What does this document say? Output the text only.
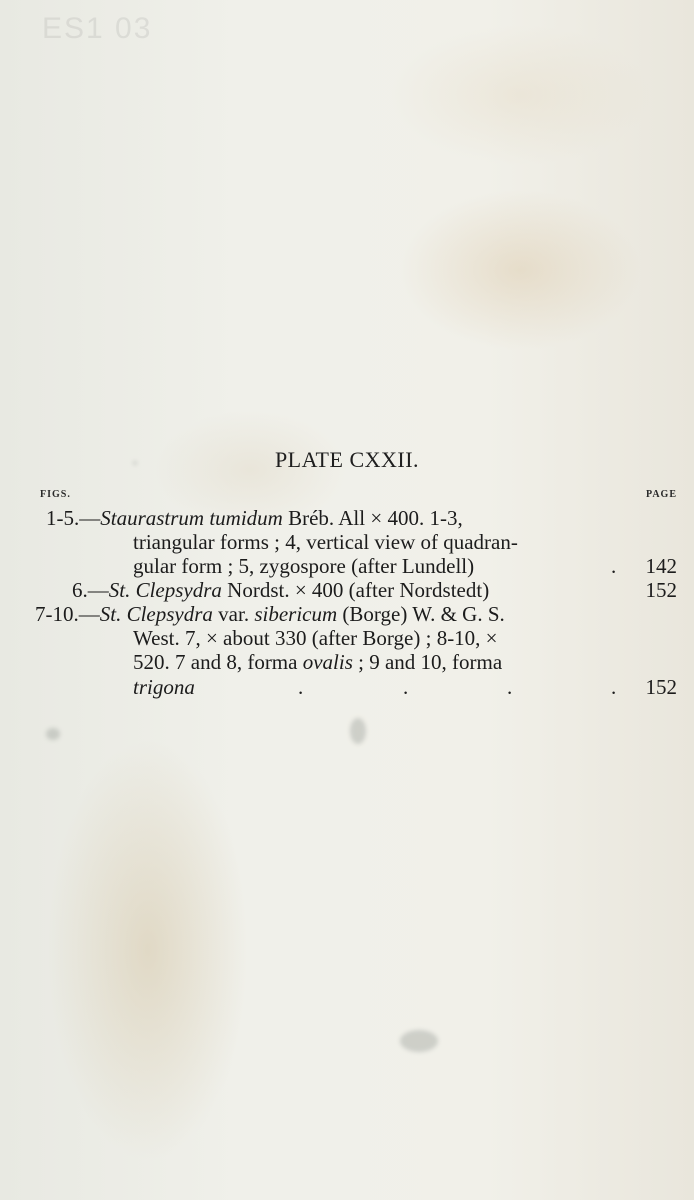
ES1 03
PLATE CXXII.
FIGS.	PAGE
1-5.—Staurastrum tumidum Bréb. All × 400. 1-3,
triangular forms ; 4, vertical view of quadran-
gular form ; 5, zygospore (after Lundell)	. 142
6.—St. Clepsydra Nordst. × 400 (after Nordstedt)	152
7-10.—St. Clepsydra var. sibericum (Borge) W. & G. S.
West. 7, × about 330 (after Borge) ; 8-10, ×
520. 7 and 8, forma ovalis ; 9 and 10, forma
trigona	.	.	.	. 152
